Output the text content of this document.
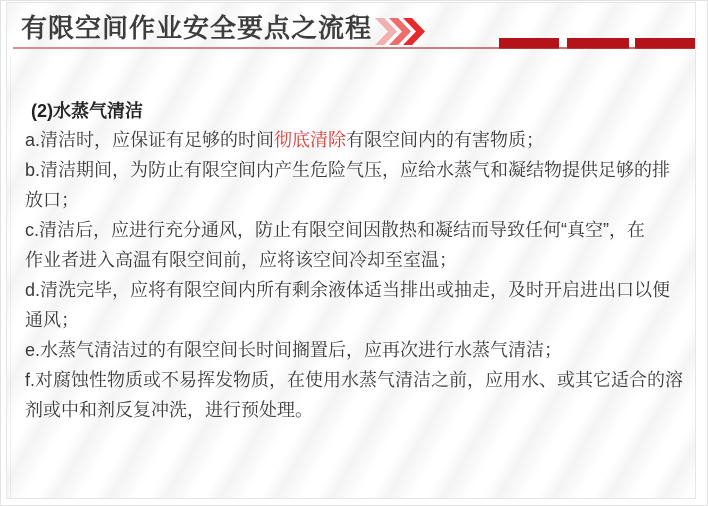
有限空间作业安全要点之流程
(2)水蒸气清洁
a.清洁时，应保证有足够的时间彻底清除有限空间内的有害物质；
b.清洁期间，为防止有限空间内产生危险气压，应给水蒸气和凝结物提供足够的排
放口；
c.清洁后，应进行充分通风，防止有限空间因散热和凝结而导致任何“真空”，在
作业者进入高温有限空间前，应将该空间冷却至室温；
d.清洗完毕，应将有限空间内所有剩余液体适当排出或抽走，及时开启进出口以便
通风；
e.水蒸气清洁过的有限空间长时间搁置后，应再次进行水蒸气清洁；
f.对腐蚀性物质或不易挥发物质，在使用水蒸气清洁之前，应用水、或其它适合的溶
剂或中和剂反复冲洗，进行预处理。
